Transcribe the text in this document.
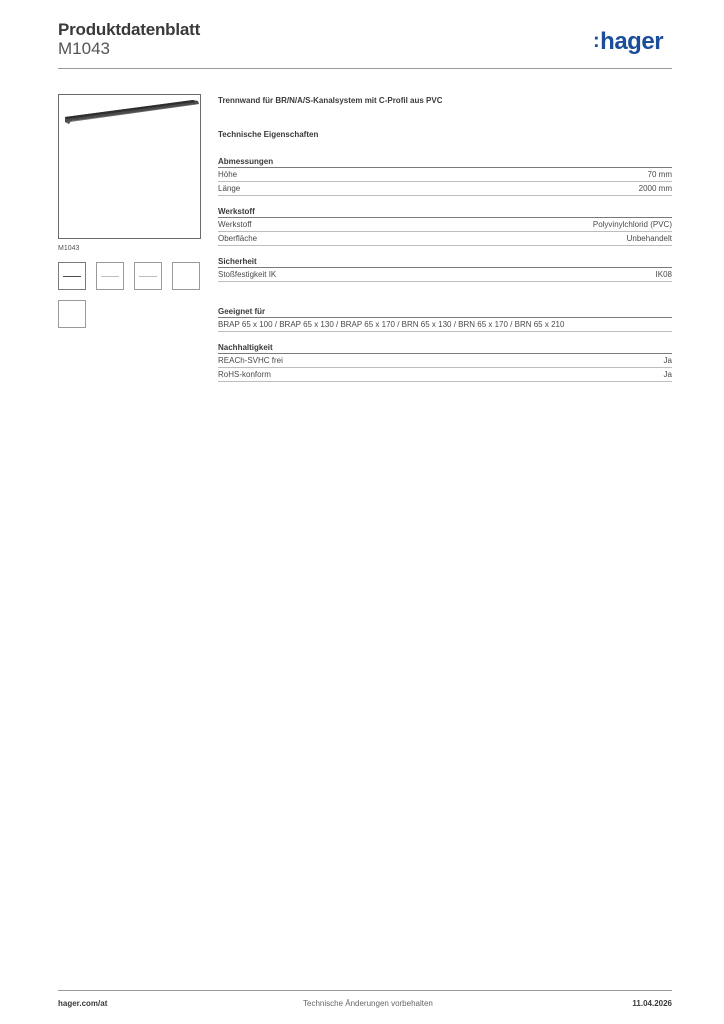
Produktdatenblatt
M1043	:hager
M1043
Trennwand für BR/N/A/S-Kanalsystem mit C-Profil aus PVC
Technische Eigenschaften
Abmessungen
Höhe	70 mm
Länge	2000 mm
Werkstoff
Werkstoff	Polyvinylchlorid (PVC)
Oberfläche	Unbehandelt
Sicherheit
Stoßfestigkeit IK	IK08
Geeignet für
BRAP 65 x 100 / BRAP 65 x 130 / BRAP 65 x 170 / BRN 65 x 130 / BRN 65 x 170 / BRN 65 x 210
Nachhaltigkeit
REACh-SVHC frei	Ja
RoHS-konform	Ja
hager.com/at	Technische Änderungen vorbehalten	11.04.2026
